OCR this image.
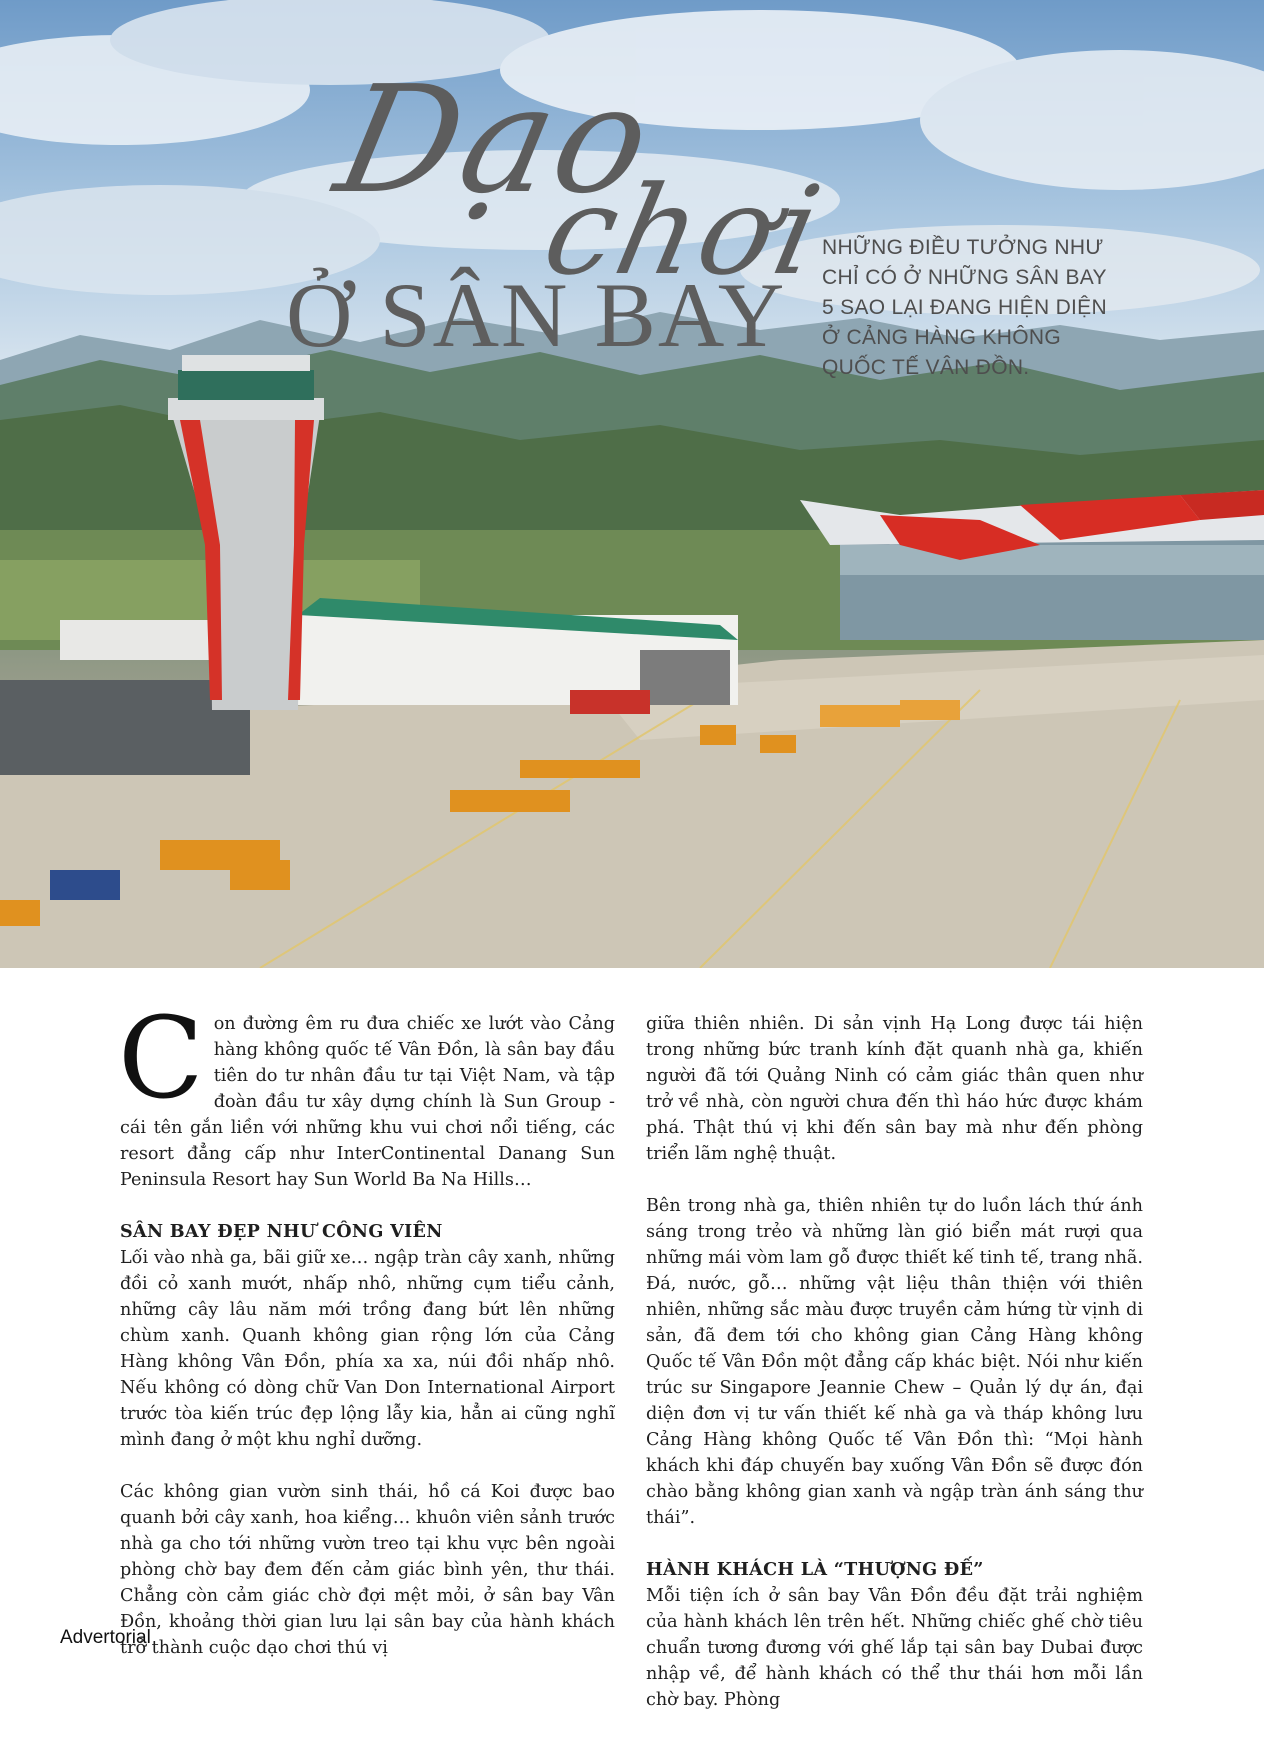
Dạo
chơi
Ở SÂN BAY
NHỮNG ĐIỀU TƯỞNG NHƯ CHỈ CÓ Ở NHỮNG SÂN BAY 5 SAO LẠI ĐANG HIỆN DIỆN Ở CẢNG HÀNG KHÔNG QUỐC TẾ VÂN ĐỒN.

Con đường êm ru đưa chiếc xe lướt vào Cảng hàng không quốc tế Vân Đồn, là sân bay đầu tiên do tư nhân đầu tư tại Việt Nam, và tập đoàn đầu tư xây dựng chính là Sun Group - cái tên gắn liền với những khu vui chơi nổi tiếng, các resort đẳng cấp như InterContinental Danang Sun Peninsula Resort hay Sun World Ba Na Hills…

SÂN BAY ĐẸP NHƯ CÔNG VIÊN

Lối vào nhà ga, bãi giữ xe… ngập tràn cây xanh, những đồi cỏ xanh mướt, nhấp nhô, những cụm tiểu cảnh, những cây lâu năm mới trồng đang bứt lên những chùm xanh. Quanh không gian rộng lớn của Cảng Hàng không Vân Đồn, phía xa xa, núi đồi nhấp nhô. Nếu không có dòng chữ Van Don International Airport trước tòa kiến trúc đẹp lộng lẫy kia, hẳn ai cũng nghĩ mình đang ở một khu nghỉ dưỡng.

Các không gian vườn sinh thái, hồ cá Koi được bao quanh bởi cây xanh, hoa kiểng… khuôn viên sảnh trước nhà ga cho tới những vườn treo tại khu vực bên ngoài phòng chờ bay đem đến cảm giác bình yên, thư thái. Chẳng còn cảm giác chờ đợi mệt mỏi, ở sân bay Vân Đồn, khoảng thời gian lưu lại sân bay của hành khách trở thành cuộc dạo chơi thú vị

giữa thiên nhiên. Di sản vịnh Hạ Long được tái hiện trong những bức tranh kính đặt quanh nhà ga, khiến người đã tới Quảng Ninh có cảm giác thân quen như trở về nhà, còn người chưa đến thì háo hức được khám phá. Thật thú vị khi đến sân bay mà như đến phòng triển lãm nghệ thuật.

Bên trong nhà ga, thiên nhiên tự do luồn lách thứ ánh sáng trong trẻo và những làn gió biển mát rượi qua những mái vòm lam gỗ được thiết kế tinh tế, trang nhã. Đá, nước, gỗ… những vật liệu thân thiện với thiên nhiên, những sắc màu được truyền cảm hứng từ vịnh di sản, đã đem tới cho không gian Cảng Hàng không Quốc tế Vân Đồn một đẳng cấp khác biệt. Nói như kiến trúc sư Singapore Jeannie Chew – Quản lý dự án, đại diện đơn vị tư vấn thiết kế nhà ga và tháp không lưu Cảng Hàng không Quốc tế Vân Đồn thì: “Mọi hành khách khi đáp chuyến bay xuống Vân Đồn sẽ được đón chào bằng không gian xanh và ngập tràn ánh sáng thư thái”.

HÀNH KHÁCH LÀ “THƯỢNG ĐẾ”

Mỗi tiện ích ở sân bay Vân Đồn đều đặt trải nghiệm của hành khách lên trên hết. Những chiếc ghế chờ tiêu chuẩn tương đương với ghế lắp tại sân bay Dubai được nhập về, để hành khách có thể thư thái hơn mỗi lần chờ bay. Phòng

Advertorial
